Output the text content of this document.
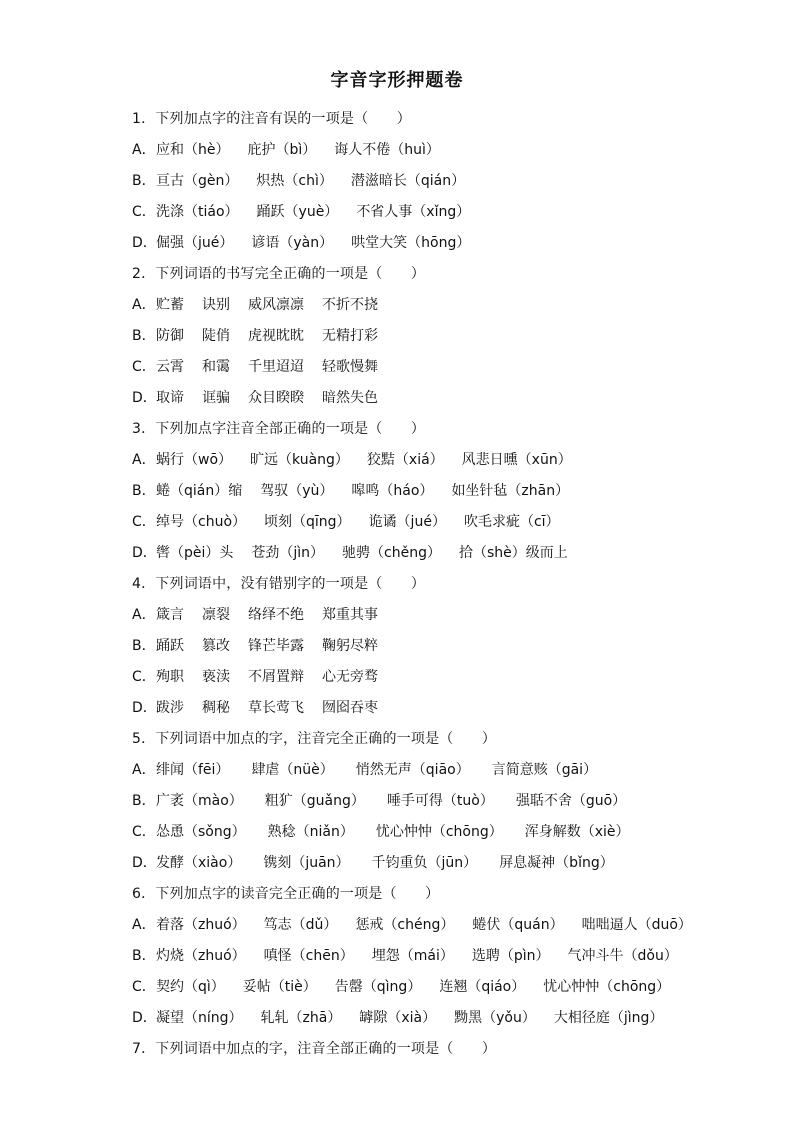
字音字形押题卷
1．下列加点字的注音有误的一项是（　　）
A． 应和（hè） 庇护（bì） 诲人不倦（huì）
B． 亘古（gèn） 炽热（chì） 潜滋暗长（qián）
C． 洗涤（tiáo） 踊跃（yuè） 不省人事（xǐng）
D． 倔强（jué） 谚语（yàn） 哄堂大笑（hōng）
2．下列词语的书写完全正确的一项是（　　）
A． 贮蓄 诀别 威风凛凛 不折不挠
B． 防御 陡俏 虎视眈眈 无精打彩
C． 云霄 和霭 千里迢迢 轻歌慢舞
D． 取谛 诓骗 众目睽睽 暗然失色
3．下列加点字注音全部正确的一项是（　　）
A． 蜗行（wō） 旷远（kuàng） 狡黠（xiá） 风悲日曛（xūn）
B． 蜷（qián）缩 驾驭（yù） 嗥鸣（háo） 如坐针毡（zhān）
C． 绰号（chuò） 顷刻（qīng） 诡谲（jué） 吹毛求疵（cī）
D． 辔（pèi）头 苍劲（jìn） 驰骋（chěng） 拾（shè）级而上
4．下列词语中，没有错别字的一项是（　　）
A． 箴言 凛裂 络绎不绝 郑重其事
B． 踊跃 篡改 锋芒毕露 鞠躬尽粹
C． 殉职 亵渎 不屑置辩 心无旁骛
D． 跋涉 稠秘 草长莺飞 囫囵吞枣
5．下列词语中加点的字，注音完全正确的一项是（　　）
A． 绯闻（fēi） 肆虐（nüè） 悄然无声（qiāo） 言简意赅（gāi）
B． 广袤（mào） 粗犷（guǎng） 唾手可得（tuò） 强聒不舍（guō）
C． 怂恿（sǒng） 熟稔（niǎn） 忧心忡忡（chōng） 浑身解数（xiè）
D． 发酵（xiào） 镌刻（juān） 千钧重负（jūn） 屏息凝神（bǐng）
6．下列加点字的读音完全正确的一项是（　　）
A． 着落（zhuó） 笃志（dǔ） 惩戒（chéng） 蜷伏（quán） 咄咄逼人（duō）
B． 灼烧（zhuó） 嗔怪（chēn） 埋怨（mái） 选聘（pìn） 气冲斗牛（dǒu）
C． 契约（qì） 妥帖（tiè） 告罄（qìng） 连翘（qiáo） 忧心忡忡（chōng）
D． 凝望（níng） 轧轧（zhā） 罅隙（xià） 黝黑（yǒu） 大相径庭（jìng）
7．下列词语中加点的字，注音全部正确的一项是（　　）
